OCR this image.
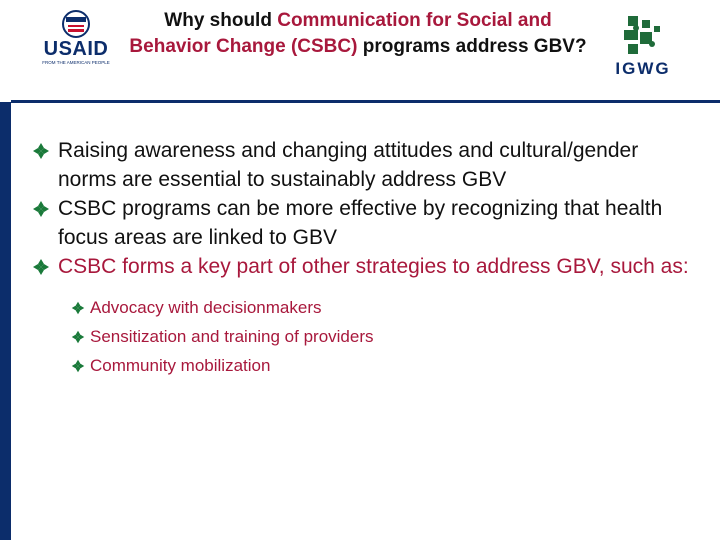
USAID
FROM THE AMERICAN PEOPLE	IGWG
Why should Communication for Social and Behavior Change (CSBC) programs address GBV?
Raising awareness and changing attitudes and cultural/gender norms are essential to sustainably address GBV
CSBC programs can be more effective by recognizing that health focus areas are linked to GBV
CSBC forms a key part of other strategies to address GBV, such as:
Advocacy with decisionmakers
Sensitization and training of providers
Community mobilization
